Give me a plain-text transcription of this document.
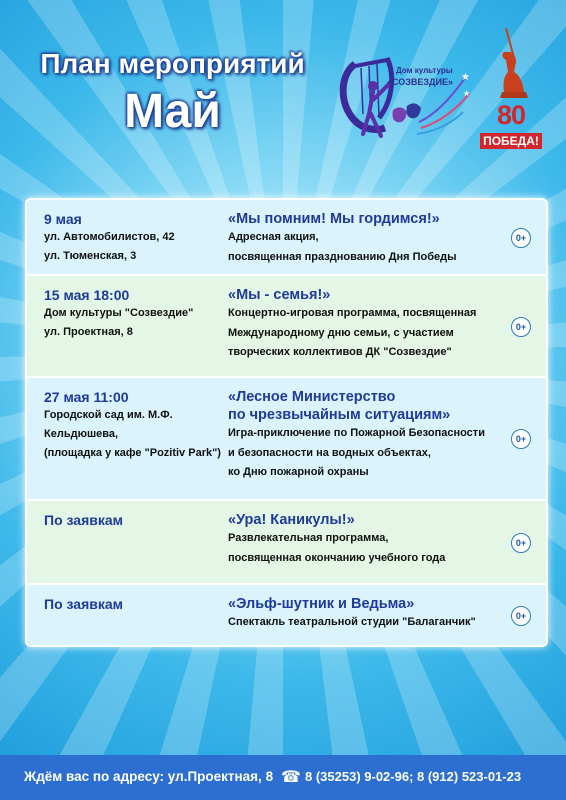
План мероприятий
Май
★
★
Дом культуры
«СОЗВЕЗДИЕ»
80
ПОБЕДА!
9 мая
ул. Автомобилистов, 42
ул. Тюменская, 3
«Мы помним! Мы гордимся!»
Адресная акция,
посвященная празднованию Дня Победы
0+
15 мая 18:00
Дом культуры "Созвездие"
ул. Проектная, 8
«Мы - семья!»
Концертно-игровая программа, посвященная
Международному дню семьи, с участием
творческих коллективов ДК "Созвездие"
0+
27 мая 11:00
Городской сад им. М.Ф. Кельдюшева,
(площадка у кафе "Pozitiv Park")
«Лесное Министерство
по чрезвычайным ситуациям»
Игра-приключение по Пожарной Безопасности
и безопасности на водных объектах,
ко Дню пожарной охраны
0+
По заявкам	«Ура! Каникулы!»
Развлекательная программа,
посвященная окончанию учебного года
0+
По заявкам	«Эльф-шутник и Ведьма»
Спектакль театральной студии "Балаганчик"	0+
Ждём вас по адресу: ул.Проектная, 8 ☎ 8 (35253) 9-02-96; 8 (912) 523-01-23
